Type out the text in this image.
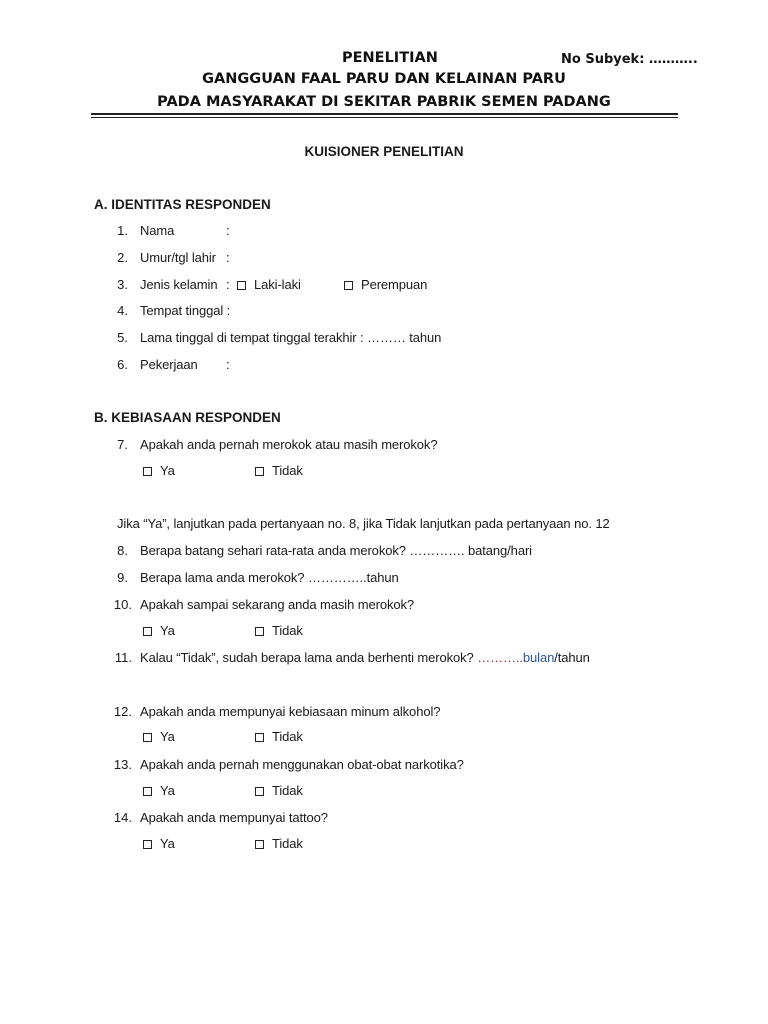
PENELITIAN	No Subyek: ………..
GANGGUAN FAAL PARU DAN KELAINAN PARU
PADA MASYARAKAT DI SEKITAR PABRIK SEMEN PADANG
KUISIONER PENELITIAN
A. IDENTITAS RESPONDEN
1. Nama	:
2. Umur/tgl lahir :
3. Jenis kelamin :	Laki-laki	Perempuan
4. Tempat tinggal :
5. Lama tinggal di tempat tinggal terakhir : ……… tahun
6. Pekerjaan :
B. KEBIASAAN RESPONDEN
7. Apakah anda pernah merokok atau masih merokok?
Ya	Tidak
Jika “Ya”, lanjutkan pada pertanyaan no. 8, jika Tidak lanjutkan pada pertanyaan no. 12
8. Berapa batang sehari rata-rata anda merokok? …………. batang/hari
9. Berapa lama anda merokok? …………..tahun
10. Apakah sampai sekarang anda masih merokok?
Ya	Tidak
11. Kalau “Tidak”, sudah berapa lama anda berhenti merokok? ………..bulan/tahun
12. Apakah anda mempunyai kebiasaan minum alkohol?
Ya	Tidak
13. Apakah anda pernah menggunakan obat-obat narkotika?
Ya	Tidak
14. Apakah anda mempunyai tattoo?
Ya	Tidak
